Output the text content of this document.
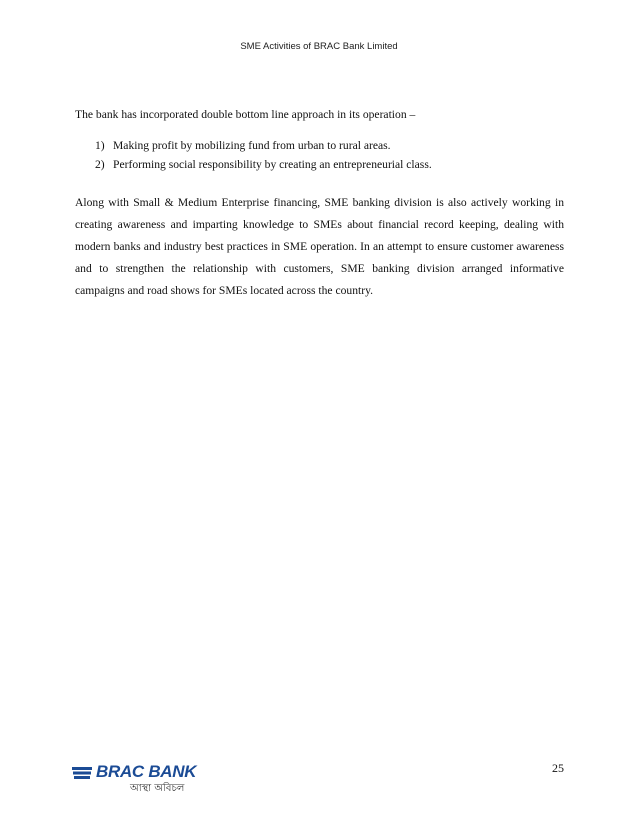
SME Activities of BRAC Bank Limited

The bank has incorporated double bottom line approach in its operation –

1) Making profit by mobilizing fund from urban to rural areas.
2) Performing social responsibility by creating an entrepreneurial class.

Along with Small & Medium Enterprise financing, SME banking division is also actively working in creating awareness and imparting knowledge to SMEs about financial record keeping, dealing with modern banks and industry best practices in SME operation. In an attempt to ensure customer awareness and to strengthen the relationship with customers, SME banking division arranged informative campaigns and road shows for SMEs located across the country.

BRAC BANK
আস্থা অবিচল
25
